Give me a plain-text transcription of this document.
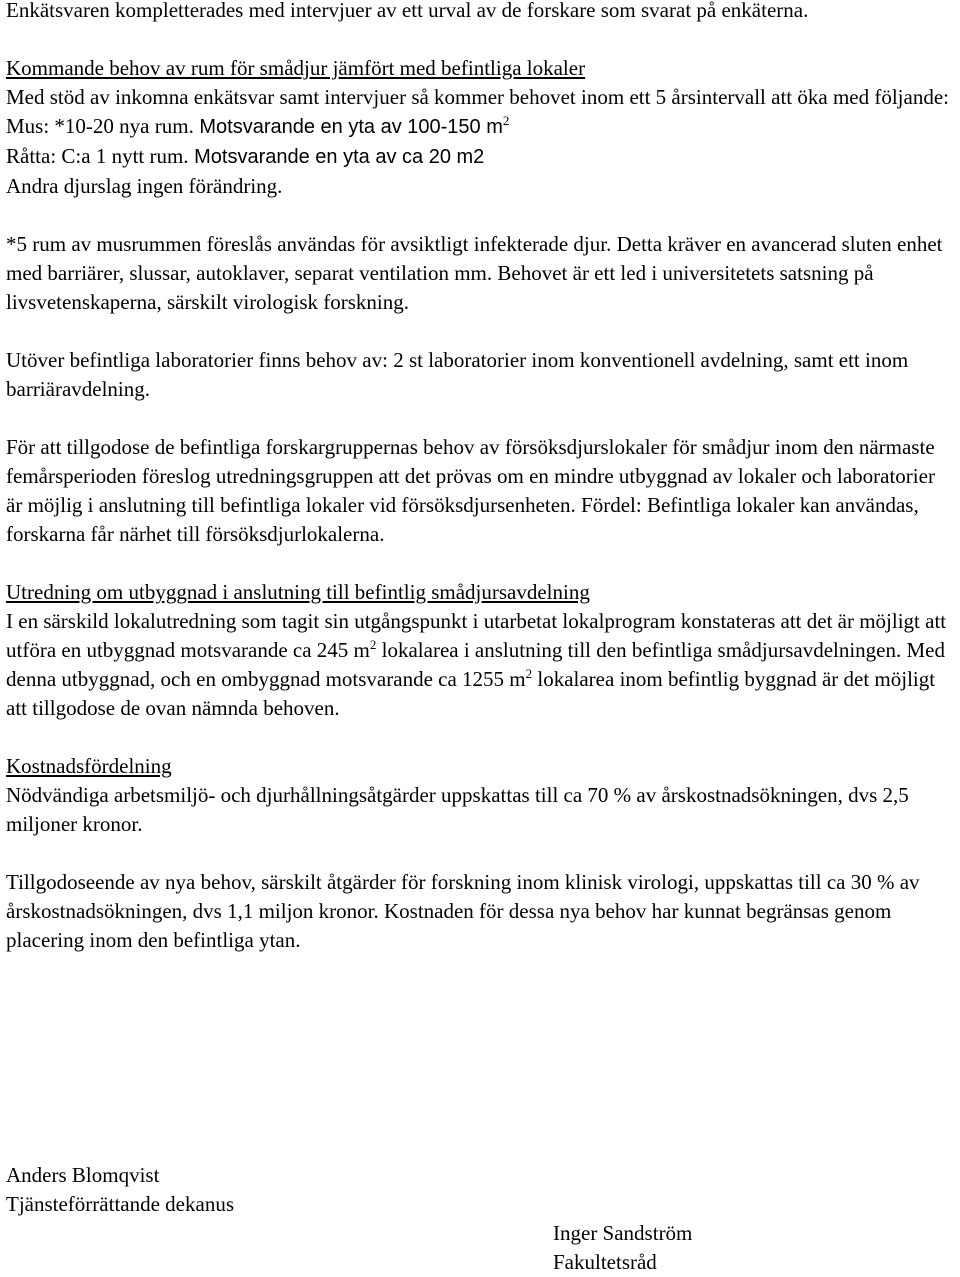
Enkätsvaren kompletterades med intervjuer av ett urval av de forskare som svarat på enkäterna.

Kommande behov av rum för smådjur jämfört med befintliga lokaler

Med stöd av inkomna enkätsvar samt intervjuer så kommer behovet inom ett 5 årsintervall att öka med följande:

Mus: *10-20 nya rum. Motsvarande en yta av 100-150 $m^2$

Råtta: C:a 1 nytt rum. Motsvarande en yta av ca 20 m2

Andra djurslag ingen förändring.

*5 rum av musrummen föreslås användas för avsiktligt infekterade djur. Detta kräver en avancerad sluten enhet med barriärer, slussar, autoklaver, separat ventilation mm. Behovet är ett led i universitetets satsning på livsvetenskaperna, särskilt virologisk forskning.

Utöver befintliga laboratorier finns behov av: 2 st laboratorier inom konventionell avdelning, samt ett inom barriäravdelning.

För att tillgodose de befintliga forskargruppernas behov av försöksdjurslokaler för smådjur inom den närmaste femårsperioden föreslog utredningsgruppen att det prövas om en mindre utbyggnad av lokaler och laboratorier är möjlig i anslutning till befintliga lokaler vid försöksdjursenheten. Fördel: Befintliga lokaler kan användas, forskarna får närhet till försöksdjurlokalerna.

Utredning om utbyggnad i anslutning till befintlig smådjursavdelning

I en särskild lokalutredning som tagit sin utgångspunkt i utarbetat lokalprogram konstateras att det är möjligt att utföra en utbyggnad motsvarande ca 245 $m^2$ lokalarea i anslutning till den befintliga smådjursavdelningen. Med denna utbyggnad, och en ombyggnad motsvarande ca 1255 $m^2$ lokalarea inom befintlig byggnad är det möjligt att tillgodose de ovan nämnda behoven.

Kostnadsfördelning

Nödvändiga arbetsmiljö- och djurhållningsåtgärder uppskattas till ca 70 % av årskostnadsökningen, dvs 2,5 miljoner kronor.

Tillgodoseende av nya behov, särskilt åtgärder för forskning inom klinisk virologi, uppskattas till ca 30 % av årskostnadsökningen, dvs 1,1 miljon kronor. Kostnaden för dessa nya behov har kunnat begränsas genom placering inom den befintliga ytan.

Anders Blomqvist

Tjänsteförrättande dekanus

Inger Sandström

Fakultetsråd
